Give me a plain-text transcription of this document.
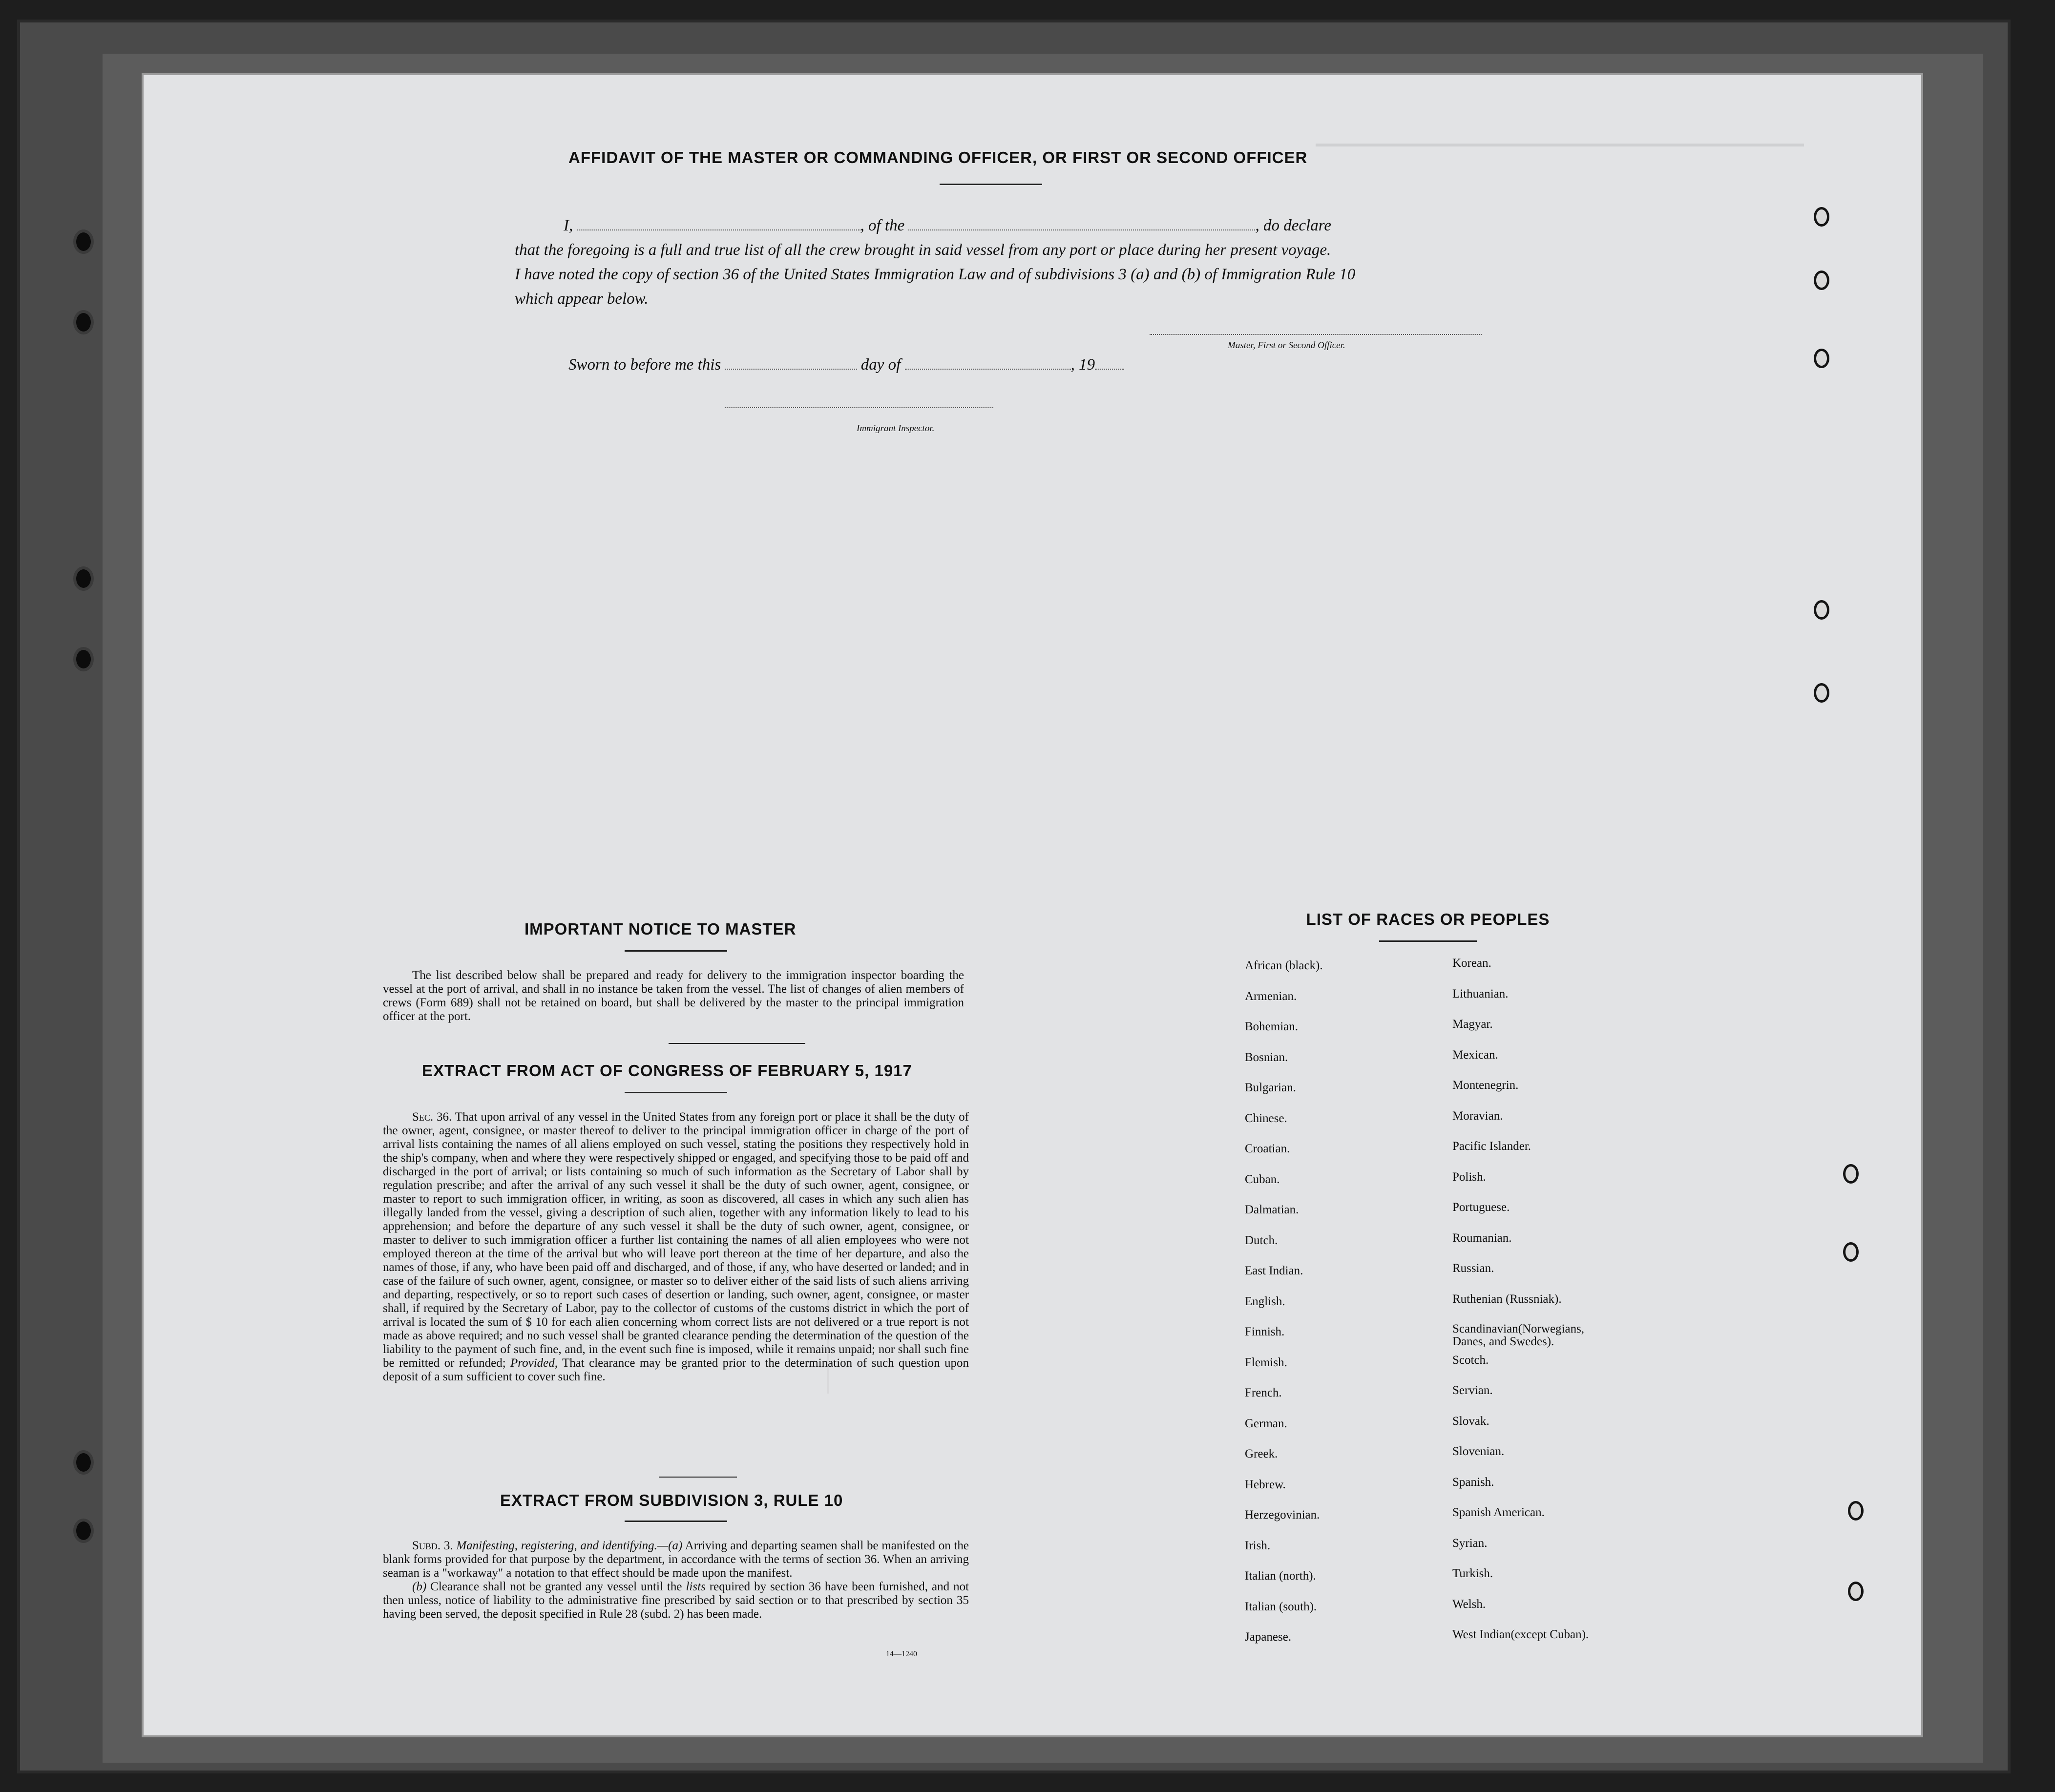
AFFIDAVIT OF THE MASTER OR COMMANDING OFFICER, OR FIRST OR SECOND OFFICER
I,	, of the	, do declare
that the foregoing is a full and true list of all the crew brought in said vessel from any port or place during her present voyage.
I have noted the copy of section 36 of the United States Immigration Law and of subdivisions 3 (a) and (b) of Immigration Rule 10
which appear below.
Master, First or Second Officer.
Sworn to before me this	day of	, 19
Immigrant Inspector.
IMPORTANT NOTICE TO MASTER

The list described below shall be prepared and ready for delivery to the immigration inspector boarding the vessel at the port of arrival, and shall in no instance be taken from the vessel. The list of changes of alien members of crews (Form 689) shall not be retained on board, but shall be delivered by the master to the principal immigration officer at the port.

EXTRACT FROM ACT OF CONGRESS OF FEBRUARY 5, 1917

Sec. 36. That upon arrival of any vessel in the United States from any foreign port or place it shall be the duty of the owner, agent, consignee, or master thereof to deliver to the principal immigration officer in charge of the port of arrival lists containing the names of all aliens employed on such vessel, stating the positions they respectively hold in the ship's company, when and where they were respectively shipped or engaged, and specifying those to be paid off and discharged in the port of arrival; or lists containing so much of such information as the Secretary of Labor shall by regulation prescribe; and after the arrival of any such vessel it shall be the duty of such owner, agent, consignee, or master to report to such immigration officer, in writing, as soon as discovered, all cases in which any such alien has illegally landed from the vessel, giving a description of such alien, together with any information likely to lead to his apprehension; and before the departure of any such vessel it shall be the duty of such owner, agent, consignee, or master to deliver to such immigration officer a further list containing the names of all alien employees who were not employed thereon at the time of the arrival but who will leave port thereon at the time of her departure, and also the names of those, if any, who have been paid off and discharged, and of those, if any, who have deserted or landed; and in case of the failure of such owner, agent, consignee, or master so to deliver either of the said lists of such aliens arriving and departing, respectively, or so to report such cases of desertion or landing, such owner, agent, consignee, or master shall, if required by the Secretary of Labor, pay to the collector of customs of the customs district in which the port of arrival is located the sum of $ 10 for each alien concerning whom correct lists are not delivered or a true report is not made as above required; and no such vessel shall be granted clearance pending the determination of the question of the liability to the payment of such fine, and, in the event such fine is imposed, while it remains unpaid; nor shall such fine be remitted or refunded; Provided, That clearance may be granted prior to the determination of such question upon deposit of a sum sufficient to cover such fine.

EXTRACT FROM SUBDIVISION 3, RULE 10

Subd. 3. Manifesting, registering, and identifying.—(a) Arriving and departing seamen shall be manifested on the blank forms provided for that purpose by the department, in accordance with the terms of section 36. When an arriving seaman is a "workaway" a notation to that effect should be made upon the manifest.

(b) Clearance shall not be granted any vessel until the lists required by section 36 have been furnished, and not then unless, notice of liability to the administrative fine prescribed by said section or to that prescribed by section 35 having been served, the deposit specified in Rule 28 (subd. 2) has been made.

14—1240
LIST OF RACES OR PEOPLES
African (black).
Armenian.
Bohemian.
Bosnian.
Bulgarian.
Chinese.
Croatian.
Cuban.
Dalmatian.
Dutch.
East Indian.
English.
Finnish.
Flemish.
French.
German.
Greek.
Hebrew.
Herzegovinian.
Irish.
Italian (north).
Italian (south).
Japanese.
Korean.
Lithuanian.
Magyar.
Mexican.
Montenegrin.
Moravian.
Pacific Islander.
Polish.
Portuguese.
Roumanian.
Russian.
Ruthenian (Russniak).
Scandinavian(Norwegians, Danes, and Swedes).
Scotch.
Servian.
Slovak.
Slovenian.
Spanish.
Spanish American.
Syrian.
Turkish.
Welsh.
West Indian(except Cuban).
